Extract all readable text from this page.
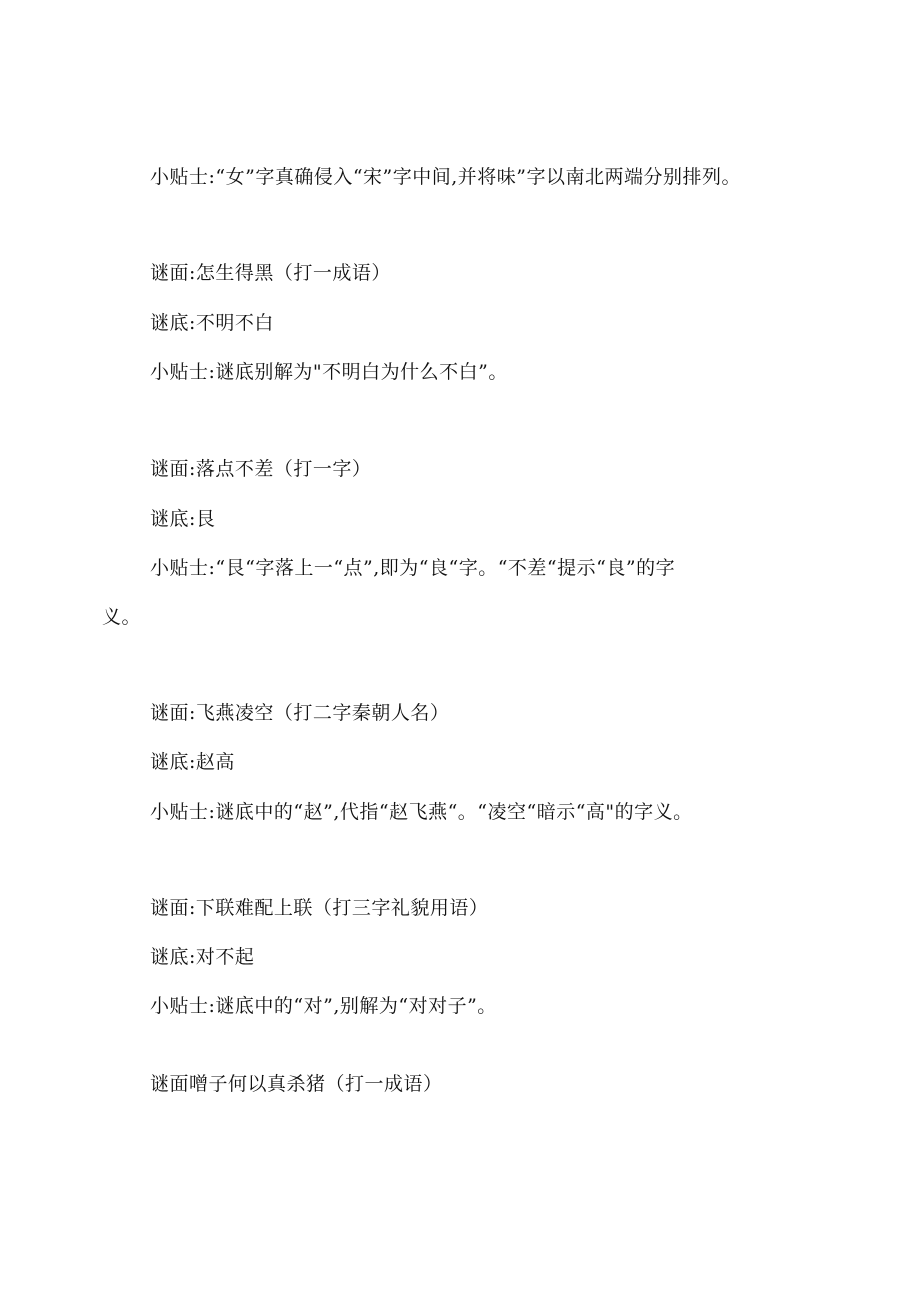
小贴士:“女”字真确侵入“宋”字中间,并将味”字以南北两端分别排列。
谜面:怎生得黑（打一成语）
谜底:不明不白
小贴士:谜底别解为"不明白为什么不白”。
谜面:落点不差（打一字）
谜底:艮
小贴士:“艮“字落上一“点”,即为“良“字。“不差“提示“良”的字
义。
谜面:飞燕凌空（打二字秦朝人名）
谜底:赵高
小贴士:谜底中的“赵”,代指“赵飞燕“。“凌空“暗示“高"的字义。
谜面:下联难配上联（打三字礼貌用语）
谜底:对不起
小贴士:谜底中的“对”,别解为“对对子”。
谜面噌子何以真杀猪（打一成语）
